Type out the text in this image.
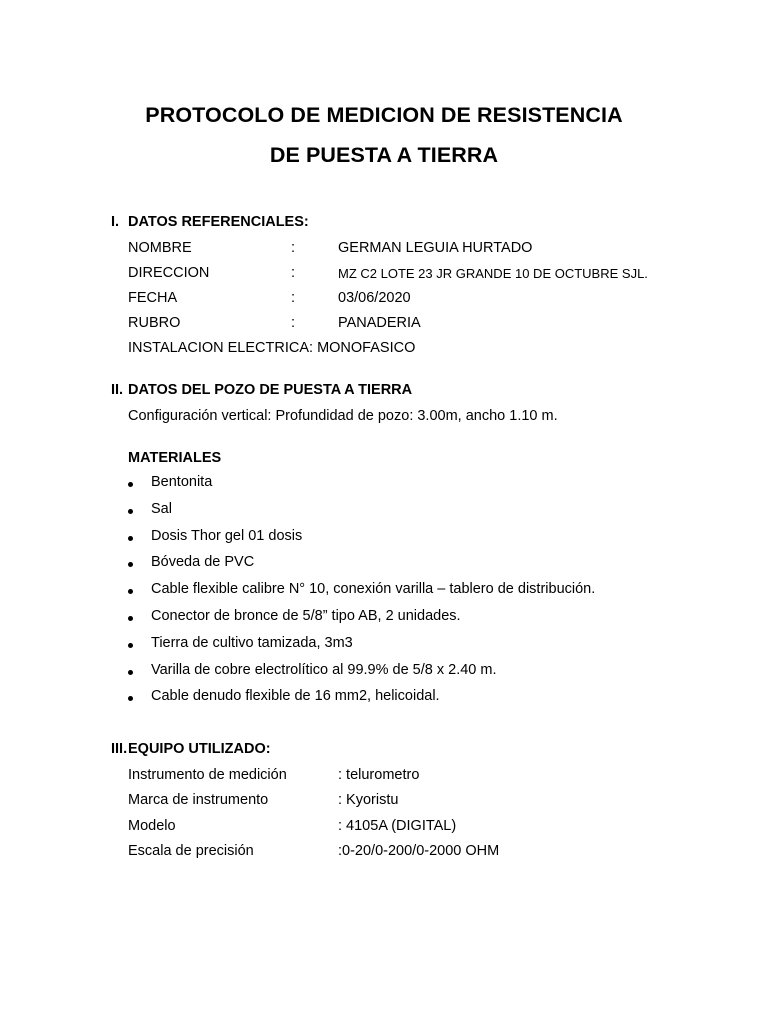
PROTOCOLO DE MEDICION DE RESISTENCIA
DE PUESTA A TIERRA
I. DATOS REFERENCIALES:
NOMBRE	:	GERMAN LEGUIA HURTADO
DIRECCION	:	MZ C2 LOTE 23 JR GRANDE 10 DE OCTUBRE SJL.
FECHA	:	03/06/2020
RUBRO	:	PANADERIA
INSTALACION ELECTRICA: MONOFASICO
II. DATOS DEL POZO DE PUESTA A TIERRA
Configuración vertical: Profundidad de pozo: 3.00m, ancho 1.10 m.
MATERIALES
Bentonita
Sal
Dosis Thor gel 01 dosis
Bóveda de PVC
Cable flexible calibre N° 10, conexión varilla – tablero de distribución.
Conector de bronce de 5/8” tipo AB, 2 unidades.
Tierra de cultivo tamizada, 3m3
Varilla de cobre electrolítico al 99.9% de 5/8 x 2.40 m.
Cable denudo flexible de 16 mm2, helicoidal.
III.EQUIPO UTILIZADO:
Instrumento de medición	: telurometro
Marca de instrumento	: Kyoristu
Modelo	: 4105A (DIGITAL)
Escala de precisión	:0-20/0-200/0-2000 OHM
